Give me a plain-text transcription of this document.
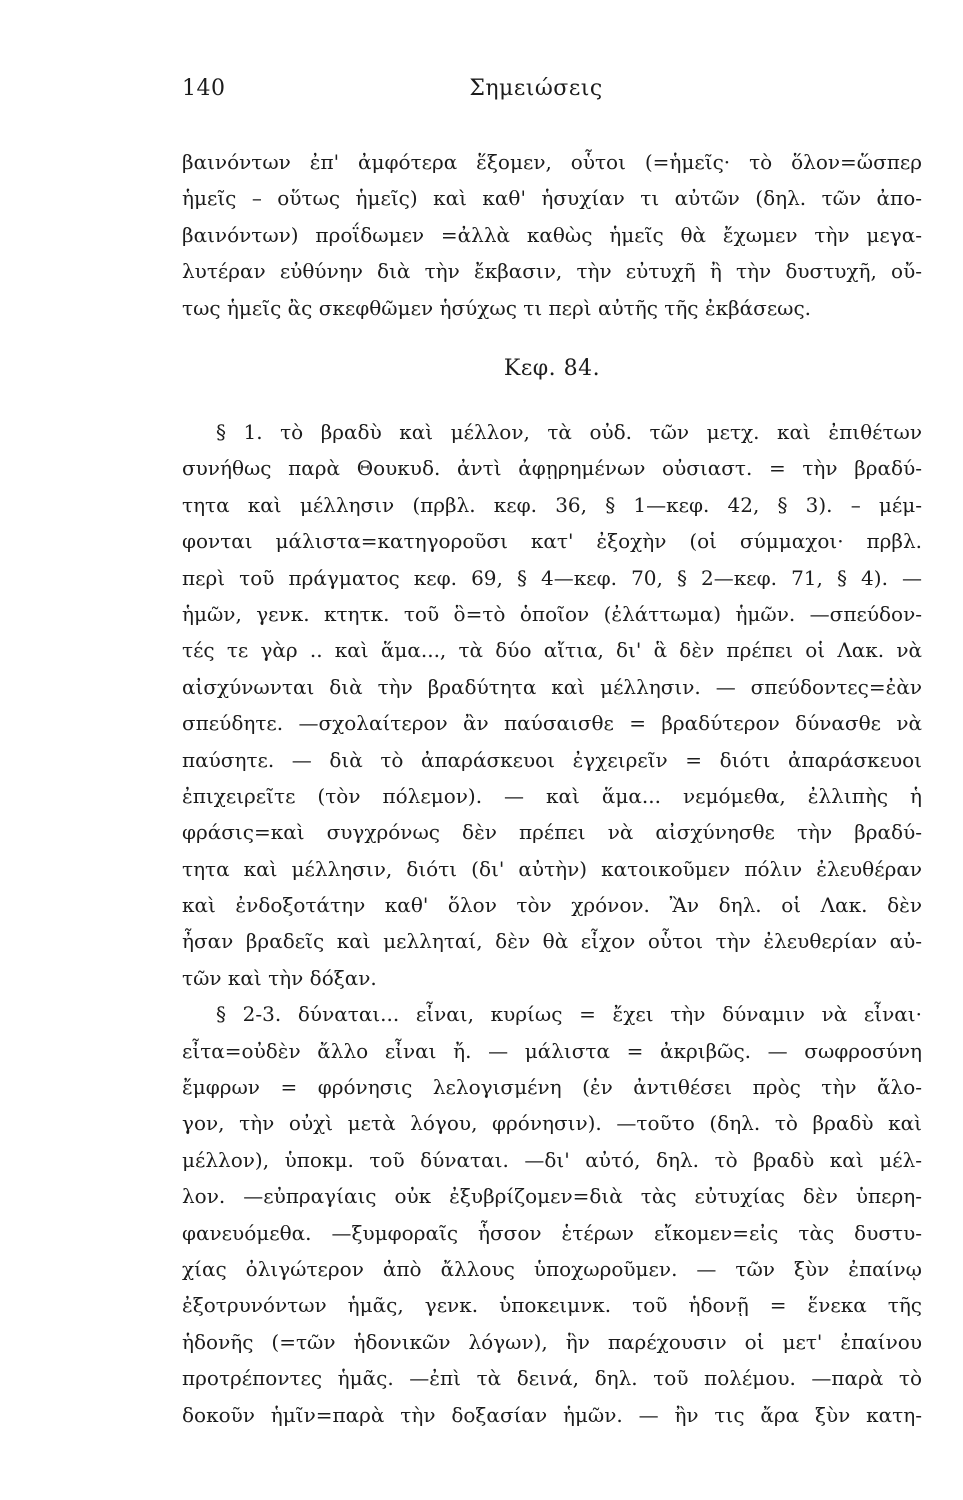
140	Σημειώσεις
βαινόντων ἐπ' ἀμφότερα ἕξομεν, οὗτοι (=ἡμεῖς· τὸ ὅλον=ὥσπερ
ἡμεῖς – οὕτως ἡμεῖς) καὶ καθ' ἡσυχίαν τι αὐτῶν (δηλ. τῶν ἀπο-
βαινόντων) προΐδωμεν =ἀλλὰ καθὼς ἡμεῖς θὰ ἔχωμεν τὴν μεγα-
λυτέραν εὐθύνην διὰ τὴν ἔκβασιν, τὴν εὐτυχῆ ἢ τὴν δυστυχῆ, οὔ-
τως ἡμεῖς ἂς σκεφθῶμεν ἡσύχως τι περὶ αὐτῆς τῆς ἐκβάσεως.
Κεφ. 84.
§ 1. τὸ βραδὺ καὶ μέλλον, τὰ οὐδ. τῶν μετχ. καὶ ἐπιθέτων
συνήθως παρὰ Θουκυδ. ἀντὶ ἀφῃρημένων οὐσιαστ. = τὴν βραδύ-
τητα καὶ μέλλησιν (πρβλ. κεφ. 36, § 1—κεφ. 42, § 3). – μέμ-
φονται μάλιστα=κατηγοροῦσι κατ' ἐξοχὴν (οἱ σύμμαχοι· πρβλ.
περὶ τοῦ πράγματος κεφ. 69, § 4—κεφ. 70, § 2—κεφ. 71, § 4). —
ἡμῶν, γενκ. κτητκ. τοῦ ὃ=τὸ ὁποῖον (ἐλάττωμα) ἡμῶν. —σπεύδον-
τές τε γὰρ .. καὶ ἅμα..., τὰ δύο αἴτια, δι' ἃ δὲν πρέπει οἱ Λακ. νὰ
αἰσχύνωνται διὰ τὴν βραδύτητα καὶ μέλλησιν. — σπεύδοντες=ἐὰν
σπεύδητε. —σχολαίτερον ἂν παύσαισθε = βραδύτερον δύνασθε νὰ
παύσητε. — διὰ τὸ ἀπαράσκευοι ἐγχειρεῖν = διότι ἀπαράσκευοι
ἐπιχειρεῖτε (τὸν πόλεμον). — καὶ ἅμα... νεμόμεθα, ἐλλιπὴς ἡ
φράσις=καὶ συγχρόνως δὲν πρέπει νὰ αἰσχύνησθε τὴν βραδύ-
τητα καὶ μέλλησιν, διότι (δι' αὐτὴν) κατοικοῦμεν πόλιν ἐλευθέραν
καὶ ἐνδοξοτάτην καθ' ὅλον τὸν χρόνον. Ἂν δηλ. οἱ Λακ. δὲν
ἦσαν βραδεῖς καὶ μελληταί, δὲν θὰ εἶχον οὗτοι τὴν ἐλευθερίαν αὐ-
τῶν καὶ τὴν δόξαν.
§ 2-3. δύναται... εἶναι, κυρίως = ἔχει τὴν δύναμιν νὰ εἶναι·
εἶτα=οὐδὲν ἄλλο εἶναι ἤ. — μάλιστα = ἀκριβῶς. — σωφροσύνη
ἔμφρων = φρόνησις λελογισμένη (ἐν ἀντιθέσει πρὸς τὴν ἄλο-
γον, τὴν οὐχὶ μετὰ λόγου, φρόνησιν). —τοῦτο (δηλ. τὸ βραδὺ καὶ
μέλλον), ὑποκμ. τοῦ δύναται. —δι' αὐτό, δηλ. τὸ βραδὺ καὶ μέλ-
λον. —εὐπραγίαις οὐκ ἐξυβρίζομεν=διὰ τὰς εὐτυχίας δὲν ὑπερη-
φανευόμεθα. —ξυμφοραῖς ἧσσον ἑτέρων εἴκομεν=εἰς τὰς δυστυ-
χίας ὀλιγώτερον ἀπὸ ἄλλους ὑποχωροῦμεν. — τῶν ξὺν ἐπαίνῳ
ἐξοτρυνόντων ἡμᾶς, γενκ. ὑποκειμνκ. τοῦ ἡδονῇ = ἕνεκα τῆς
ἡδονῆς (=τῶν ἡδονικῶν λόγων), ἣν παρέχουσιν οἱ μετ' ἐπαίνου
προτρέποντες ἡμᾶς. —ἐπὶ τὰ δεινά, δηλ. τοῦ πολέμου. —παρὰ τὸ
δοκοῦν ἡμῖν=παρὰ τὴν δοξασίαν ἡμῶν. — ἢν τις ἄρα ξὺν κατη-
